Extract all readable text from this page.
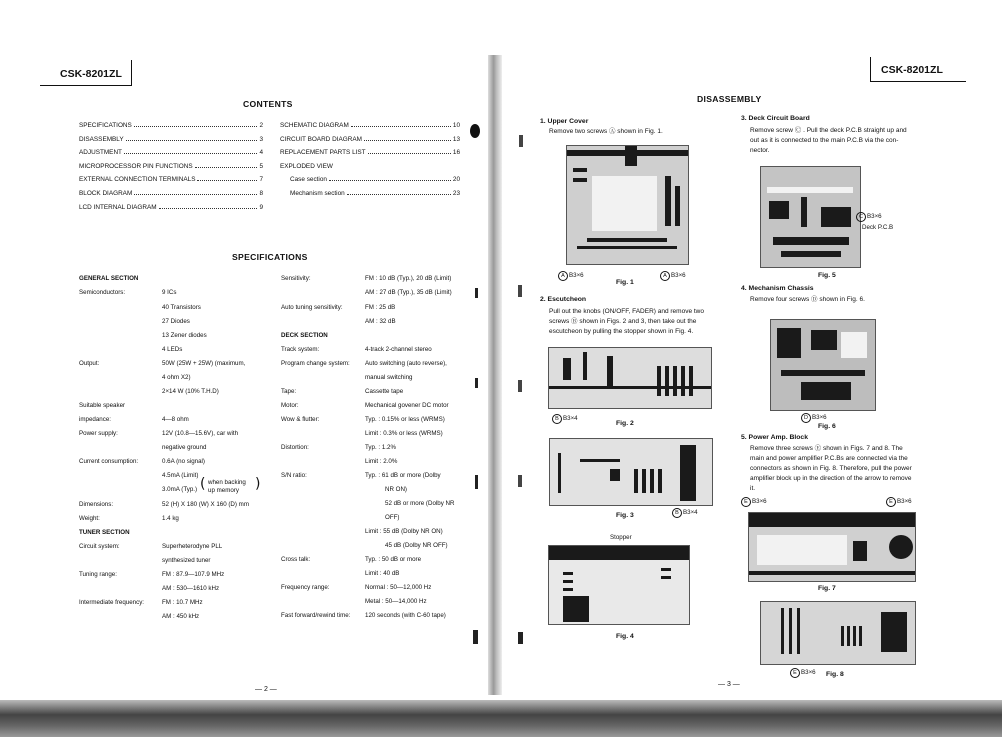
CSK-8201ZL
CONTENTS
SPECIFICATIONS	2
DISASSEMBLY	3
ADJUSTMENT	4
MICROPROCESSOR PIN FUNCTIONS	5
EXTERNAL CONNECTION TERMINALS	7
BLOCK DIAGRAM	8
LCD INTERNAL DIAGRAM	9
SCHEMATIC DIAGRAM	10
CIRCUIT BOARD DIAGRAM	13
REPLACEMENT PARTS LIST	16
EXPLODED VIEW
Case section	20
Mechanism section	23
SPECIFICATIONS
GENERAL SECTION
Semiconductors:	9 ICs
40 Transistors
27 Diodes
13 Zener diodes
4 LEDs
Output:	50W (25W + 25W) (maximum,
4 ohm X2)
2×14 W (10% T.H.D)
Suitable speaker
impedance:	4—8 ohm
Power supply:	12V (10.8—15.6V), car with
negative ground
Current consumption:	0.6A (no signal)
4.5mA (Limit)
3.0mA (Typ.) ( when backing
up memory )
Dimensions:	52 (H) X 180 (W) X 160 (D) mm
Weight:	1.4 kg
TUNER SECTION
Circuit system:	Superheterodyne PLL
synthesized tuner
Tuning range:	FM : 87.9—107.9 MHz
AM : 530—1610 kHz
Intermediate frequency:	FM : 10.7 MHz
AM : 450 kHz
Sensitivity:	FM : 10 dB (Typ.), 20 dB (Limit)
AM : 27 dB (Typ.), 35 dB (Limit)
Auto tuning sensitivity:	FM : 25 dB
AM : 32 dB
DECK SECTION
Track system:	4-track 2-channel stereo
Program change system: Auto switching (auto reverse),
manual switching
Tape:	Cassette tape
Motor:	Mechanical govener DC motor
Wow & flutter:	Typ. : 0.15% or less (WRMS)
Limit : 0.3% or less (WRMS)
Distortion:	Typ. : 1.2%
Limit : 2.0%
S/N ratio:	Typ. : 61 dB or more (Dolby
NR ON)
52 dB or more (Dolby NR
OFF)
Limit : 55 dB (Dolby NR ON)
45 dB (Dolby NR OFF)
Cross talk:	Typ. : 50 dB or more
Limit : 40 dB
Frequency range:	Normal : 50—12,000 Hz
Metal : 50—14,000 Hz
Fast forward/rewind time: 120 seconds (with C-60 tape)
— 2 —
CSK-8201ZL
DISASSEMBLY
1. Upper Cover
Remove two screws Ⓐ shown in Fig. 1.
A B3×6	A B3×6
Fig. 1
2. Escutcheon
Pull out the knobs (ON/OFF, FADER) and remove two
screws Ⓑ shown in Figs. 2 and 3, then take out the
escutcheon by pulling the stopper shown in Fig. 4.
B B3×4
Fig. 2
B B3×4
Fig. 3
Stopper
Fig. 4
3. Deck Circuit Board
Remove screw Ⓒ . Pull the deck P.C.B straight up and
out as it is connected to the main P.C.B via the con-
nector.
C B3×6
Deck P.C.B
Fig. 5
4. Mechanism Chassis
Remove four screws Ⓓ shown in Fig. 6.
D B3×6
Fig. 6
5. Power Amp. Block
Remove three screws Ⓔ shown in Figs. 7 and 8. The
main and power amplifier P.C.Bs are connected via the
connectors as shown in Fig. 8. Therefore, pull the power
amplifier block up in the direction of the arrow to remove
it.
E B3×6	E B3×6
Fig. 7
E B3×6 Fig. 8
— 3 —
